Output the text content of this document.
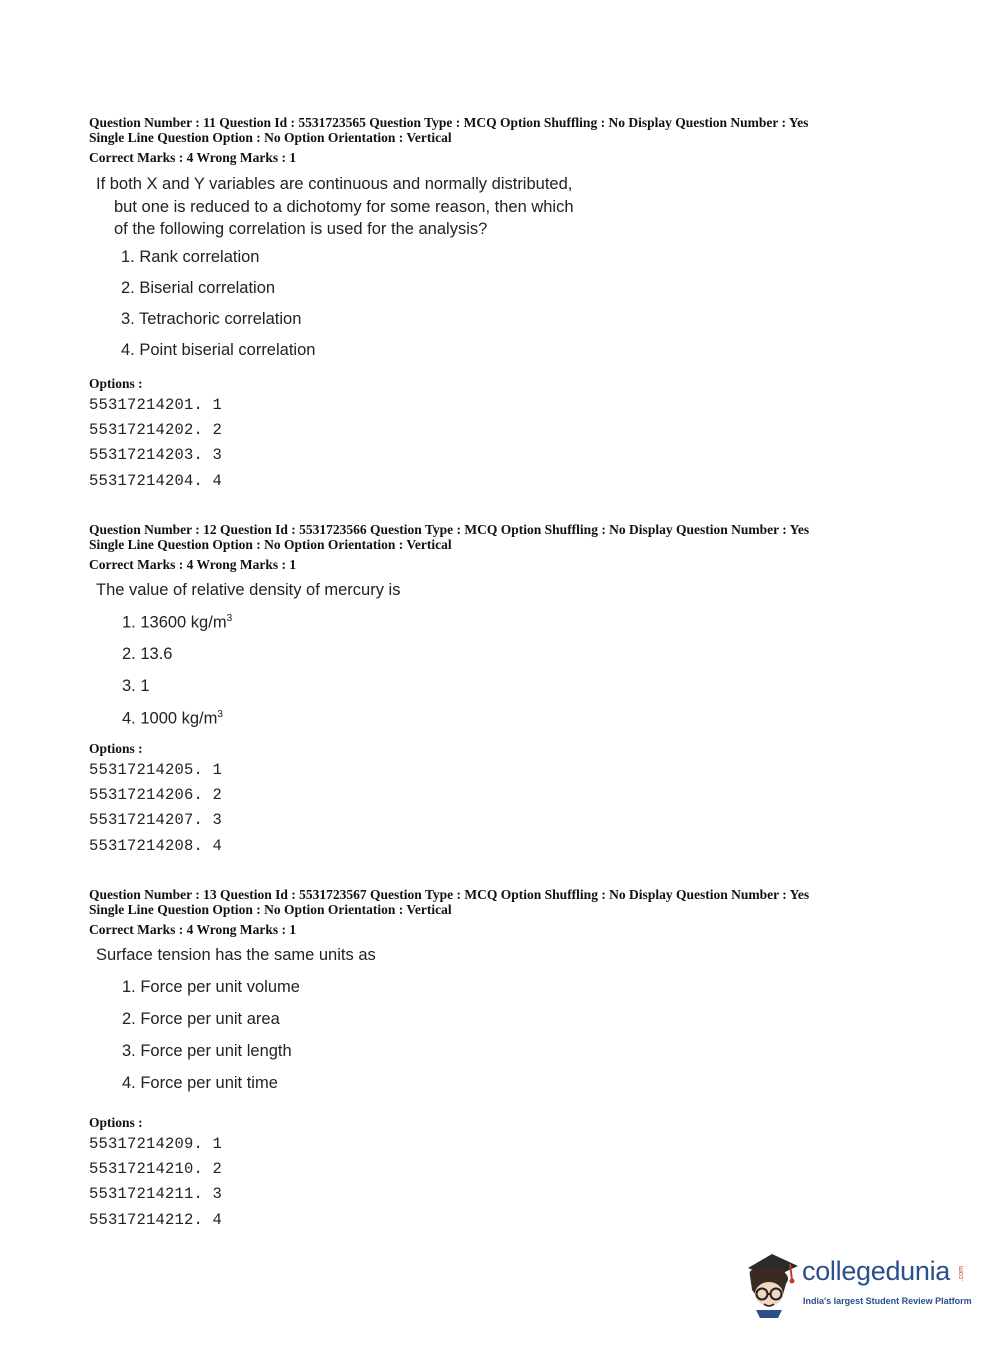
Question Number : 11 Question Id : 5531723565 Question Type : MCQ Option Shuffling : No Display Question Number : Yes

Single Line Question Option : No Option Orientation : Vertical

Correct Marks : 4 Wrong Marks : 1
If both X and Y variables are continuous and normally distributed,
but one is reduced to a dichotomy for some reason, then which
of the following correlation is used for the analysis?
1. Rank correlation
2. Biserial correlation
3. Tetrachoric correlation
4. Point biserial correlation
Options :
55317214201. 1
55317214202. 2
55317214203. 3
55317214204. 4

Question Number : 12 Question Id : 5531723566 Question Type : MCQ Option Shuffling : No Display Question Number : Yes

Single Line Question Option : No Option Orientation : Vertical

Correct Marks : 4 Wrong Marks : 1
The value of relative density of mercury is
1. 13600 $kg/m^3$
2. 13.6
3. 1
4. 1000 $kg/m^3$
Options :
55317214205. 1
55317214206. 2
55317214207. 3
55317214208. 4

Question Number : 13 Question Id : 5531723567 Question Type : MCQ Option Shuffling : No Display Question Number : Yes

Single Line Question Option : No Option Orientation : Vertical

Correct Marks : 4 Wrong Marks : 1
Surface tension has the same units as
1. Force per unit volume
2. Force per unit area
3. Force per unit length
4. Force per unit time
Options :
55317214209. 1
55317214210. 2
55317214211. 3
55317214212. 4
collegedunia .com
India's largest Student Review Platform
